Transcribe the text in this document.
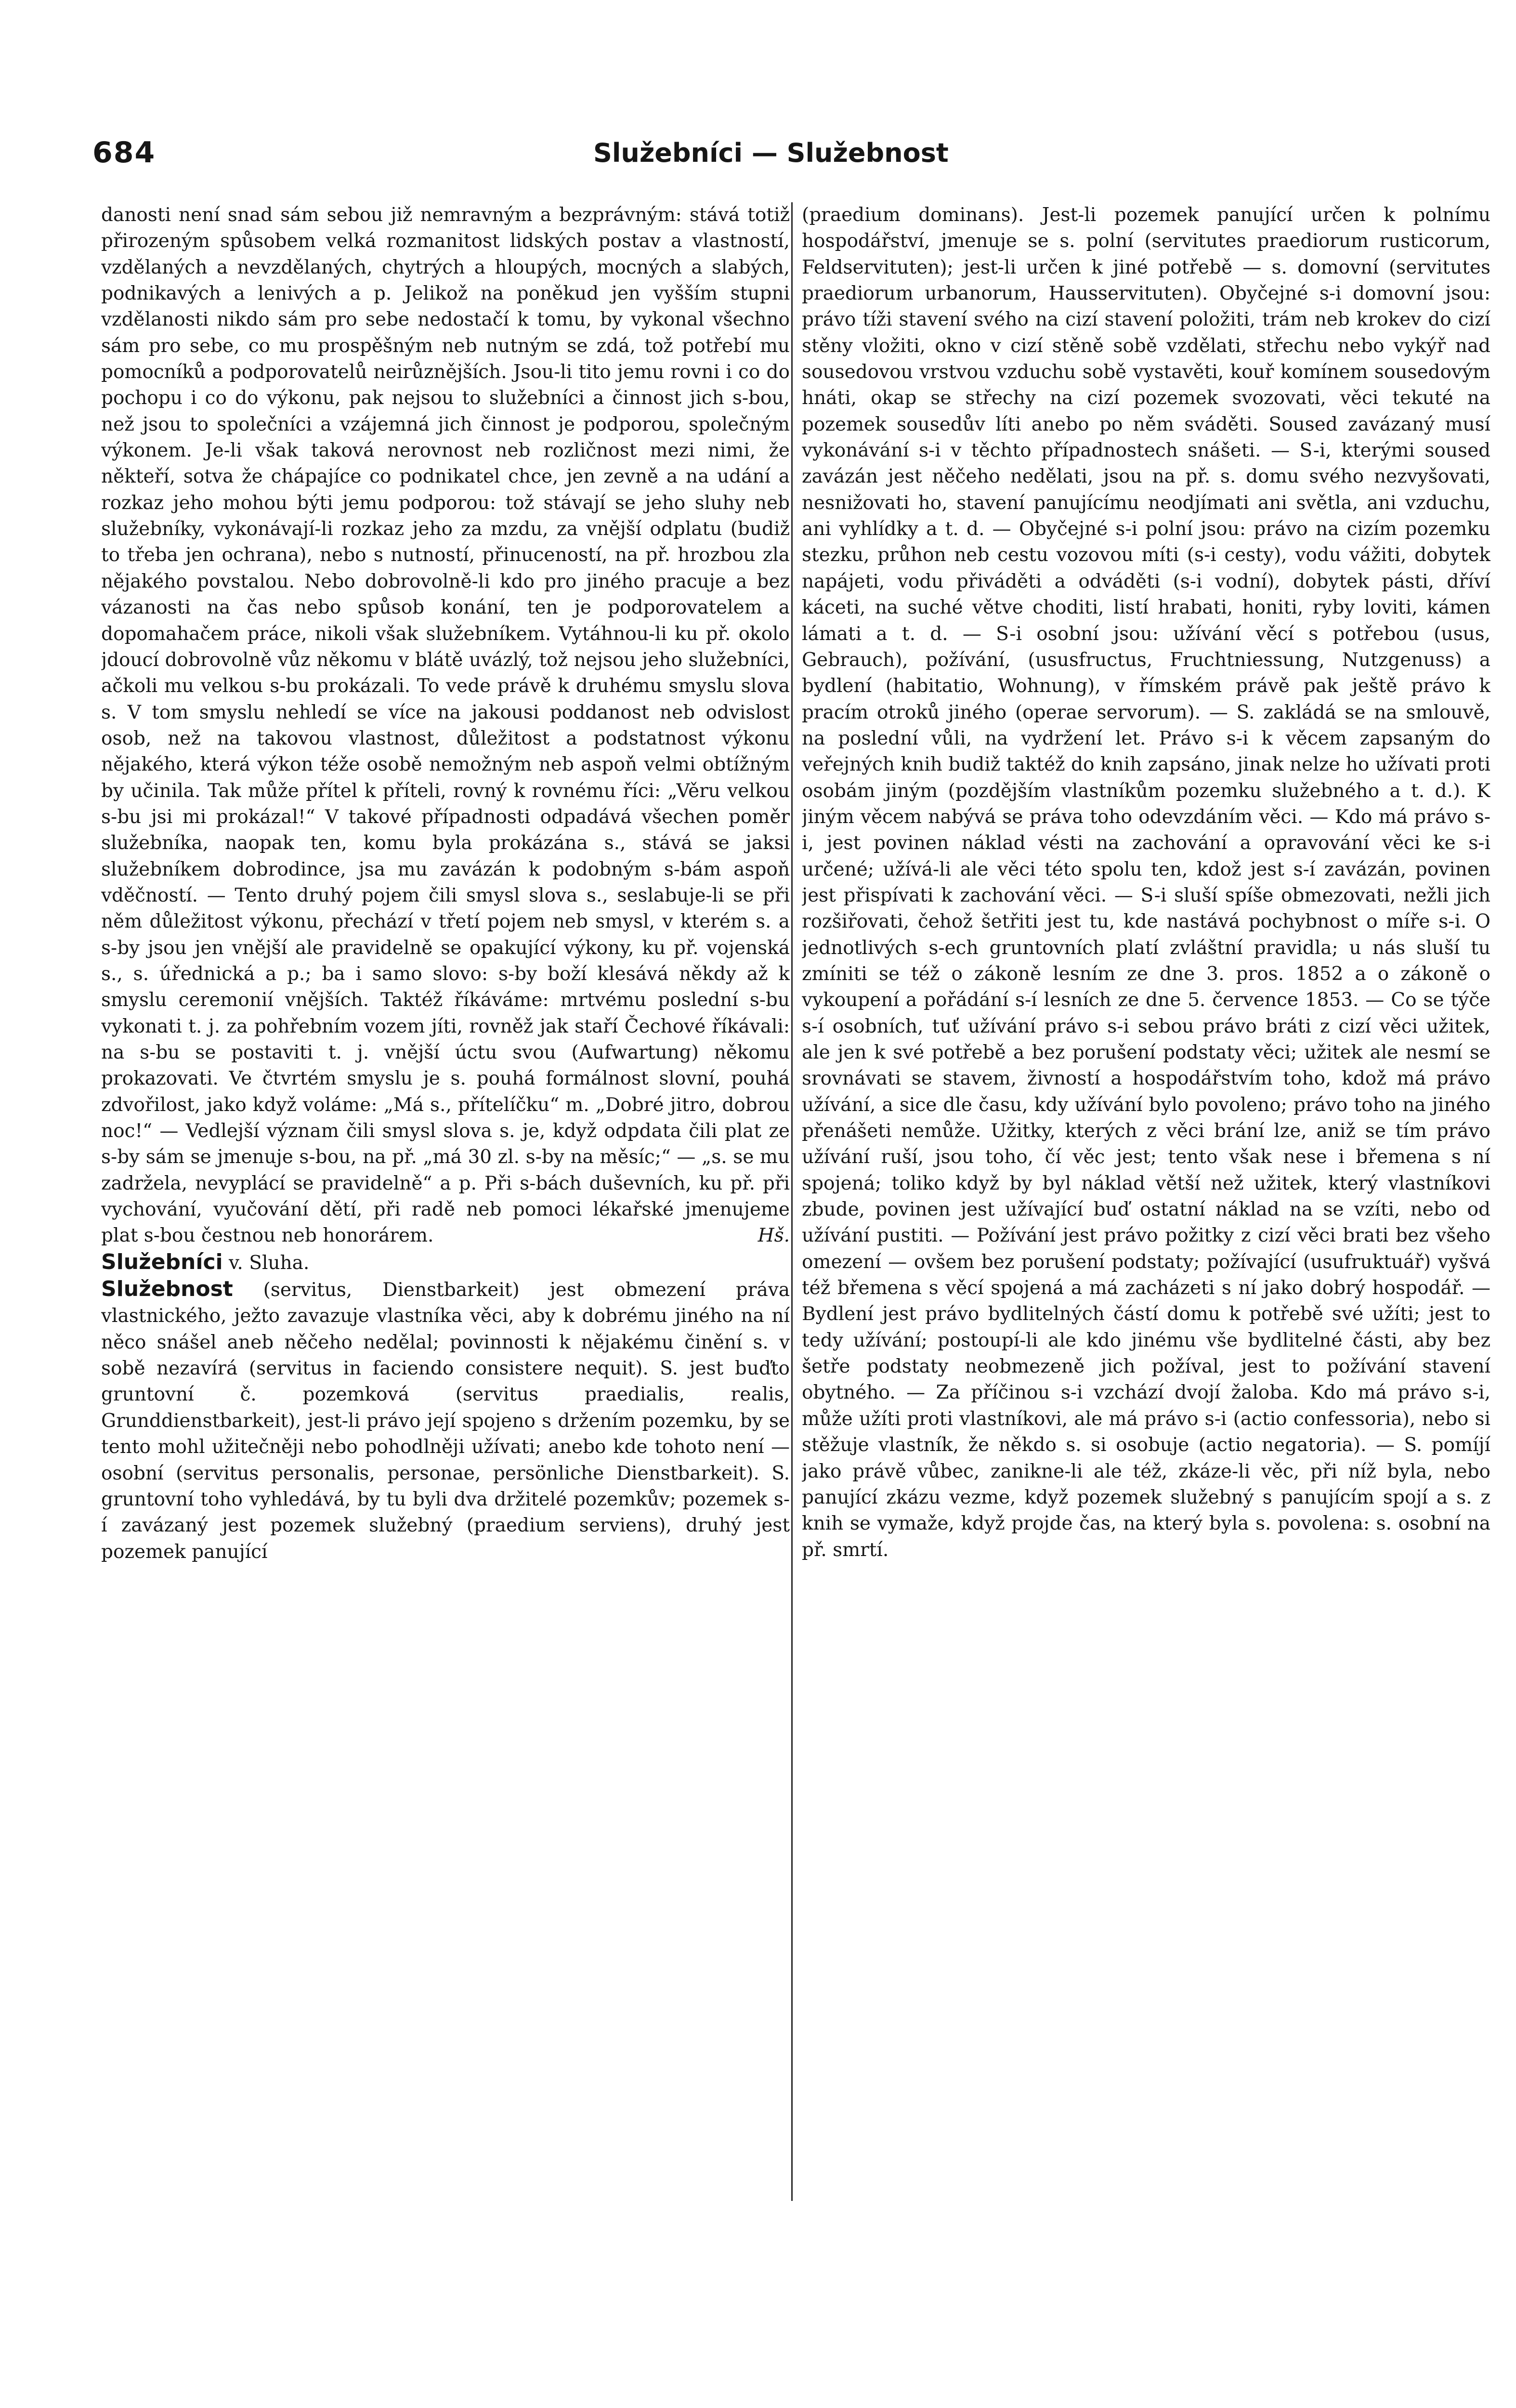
684	Služebníci — Služebnost

danosti není snad sám sebou již nemravným a bezprávným: stává totiž přirozeným spůsobem velká rozmanitost lidských postav a vlastností, vzdělaných a nevzdělaných, chytrých a hloupých, mocných a slabých, podnikavých a lenivých a p. Jelikož na poněkud jen vyšším stupni vzdělanosti nikdo sám pro sebe nedostačí k tomu, by vykonal všechno sám pro sebe, co mu prospěšným neb nutným se zdá, tož potřebí mu pomocníků a podporovatelů neirůznějších. Jsou-li tito jemu rovni i co do pochopu i co do výkonu, pak nejsou to služebníci a činnost jich s-bou, než jsou to společníci a vzájemná jich činnost je podporou, společným výkonem. Je-li však taková nerovnost neb rozličnost mezi nimi, že někteří, sotva že chápajíce co podnikatel chce, jen zevně a na udání a rozkaz jeho mohou býti jemu podporou: tož stávají se jeho sluhy neb služebníky, vykonávají-li rozkaz jeho za mzdu, za vnější odplatu (budiž to třeba jen ochrana), nebo s nutností, přinuceností, na př. hrozbou zla nějakého povstalou. Nebo dobrovolně-li kdo pro jiného pracuje a bez vázanosti na čas nebo spůsob konání, ten je podporovatelem a dopomahačem práce, nikoli však služebníkem. Vytáhnou-li ku př. okolo jdoucí dobrovolně vůz někomu v blátě uvázlý, tož nejsou jeho služebníci, ačkoli mu velkou s-bu prokázali. To vede právě k druhému smyslu slova s. V tom smyslu nehledí se více na jakousi poddanost neb odvislost osob, než na takovou vlastnost, důležitost a podstatnost výkonu nějakého, která výkon téže osobě nemožným neb aspoň velmi obtížným by učinila. Tak může přítel k příteli, rovný k rovnému říci: „Věru velkou s-bu jsi mi prokázal!“ V takové případnosti odpadává všechen poměr služebníka, naopak ten, komu byla prokázána s., stává se jaksi služebníkem dobrodince, jsa mu zavázán k podobným s-bám aspoň vděčností. — Tento druhý pojem čili smysl slova s., seslabuje-li se při něm důležitost výkonu, přechází v třetí pojem neb smysl, v kterém s. a s-by jsou jen vnější ale pravidelně se opakující výkony, ku př. vojenská s., s. úřednická a p.; ba i samo slovo: s-by boží klesává někdy až k smyslu ceremonií vnějších. Taktéž říkáváme: mrtvému poslední s-bu vykonati t. j. za pohřebním vozem jíti, rovněž jak staří Čechové říkávali: na s-bu se postaviti t. j. vnější úctu svou (Aufwartung) někomu prokazovati. Ve čtvrtém smyslu je s. pouhá formálnost slovní, pouhá zdvořilost, jako když voláme: „Má s., přítelíčku“ m. „Dobré jitro, dobrou noc!“ — Vedlejší význam čili smysl slova s. je, když odpdata čili plat ze s-by sám se jmenuje s-bou, na př. „má 30 zl. s-by na měsíc;“ — „s. se mu zadržela, nevyplácí se pravidelně“ a p. Při s-bách duševních, ku př. při vychování, vyučování dětí, při radě neb pomoci lékařské jmenujeme plat s-bou čestnou neb honorárem.	Hš.

Služebníci v. Sluha.

Služebnost (servitus, Dienstbarkeit) jest obmezení práva vlastnického, ježto zavazuje vlastníka věci, aby k dobrému jiného na ní něco snášel aneb něčeho nedělal; povinnosti k nějakému činění s. v sobě nezavírá (servitus in faciendo consistere nequit). S. jest buďto gruntovní č. pozemková (servitus praedialis, realis, Grunddienstbarkeit), jest-li právo její spojeno s držením pozemku, by se tento mohl užitečněji nebo pohodlněji užívati; anebo kde tohoto není — osobní (servitus personalis, personae, persönliche Dienstbarkeit). S. gruntovní toho vyhledává, by tu byli dva držitelé pozemkův; pozemek s-í zavázaný jest pozemek služebný (praedium serviens), druhý jest pozemek panující

(praedium dominans). Jest-li pozemek panující určen k polnímu hospodářství, jmenuje se s. polní (servitutes praediorum rusticorum, Feldservituten); jest-li určen k jiné potřebě — s. domovní (servitutes praediorum urbanorum, Hausservituten). Obyčejné s-i domovní jsou: právo tíži stavení svého na cizí stavení položiti, trám neb krokev do cizí stěny vložiti, okno v cizí stěně sobě vzdělati, střechu nebo vykýř nad sousedovou vrstvou vzduchu sobě vystavěti, kouř komínem sousedovým hnáti, okap se střechy na cizí pozemek svozovati, věci tekuté na pozemek sousedův líti anebo po něm sváděti. Soused zavázaný musí vykonávání s-i v těchto případnostech snášeti. — S-i, kterými soused zavázán jest něčeho nedělati, jsou na př. s. domu svého nezvyšovati, nesnižovati ho, stavení panujícímu neodjímati ani světla, ani vzduchu, ani vyhlídky a t. d. — Obyčejné s-i polní jsou: právo na cizím pozemku stezku, průhon neb cestu vozovou míti (s-i cesty), vodu vážiti, dobytek napájeti, vodu přiváděti a odváděti (s-i vodní), dobytek pásti, dříví káceti, na suché větve choditi, listí hrabati, honiti, ryby loviti, kámen lámati a t. d. — S-i osobní jsou: užívání věcí s potřebou (usus, Gebrauch), požívání, (ususfructus, Fruchtniessung, Nutzgenuss) a bydlení (habitatio, Wohnung), v římském právě pak ještě právo k pracím otroků jiného (operae servorum). — S. zakládá se na smlouvě, na poslední vůli, na vydržení let. Právo s-i k věcem zapsaným do veřejných knih budiž taktéž do knih zapsáno, jinak nelze ho užívati proti osobám jiným (pozdějším vlastníkům pozemku služebného a t. d.). K jiným věcem nabývá se práva toho odevzdáním věci. — Kdo má právo s-i, jest povinen náklad vésti na zachování a opravování věci ke s-i určené; užívá-li ale věci této spolu ten, kdož jest s-í zavázán, povinen jest přispívati k zachování věci. — S-i sluší spíše obmezovati, nežli jich rozšiřovati, čehož šetřiti jest tu, kde nastává pochybnost o míře s-i. O jednotlivých s-ech gruntovních platí zvláštní pravidla; u nás sluší tu zmíniti se též o zákoně lesním ze dne 3. pros. 1852 a o zákoně o vykoupení a pořádání s-í lesních ze dne 5. července 1853. — Co se týče s-í osobních, tuť užívání právo s-i sebou právo bráti z cizí věci užitek, ale jen k své potřebě a bez porušení podstaty věci; užitek ale nesmí se srovnávati se stavem, živností a hospodářstvím toho, kdož má právo užívání, a sice dle času, kdy užívání bylo povoleno; právo toho na jiného přenášeti nemůže. Užitky, kterých z věci brání lze, aniž se tím právo užívání ruší, jsou toho, čí věc jest; tento však nese i břemena s ní spojená; toliko když by byl náklad větší než užitek, který vlastníkovi zbude, povinen jest užívající buď ostatní náklad na se vzíti, nebo od užívání pustiti. — Požívání jest právo požitky z cizí věci brati bez všeho omezení — ovšem bez porušení podstaty; požívající (usufruktuář) vyšvá též břemena s věcí spojená a má zacházeti s ní jako dobrý hospodář. — Bydlení jest právo bydlitelných částí domu k potřebě své užíti; jest to tedy užívání; postoupí-li ale kdo jinému vše bydlitelné části, aby bez šetře podstaty neobmezeně jich požíval, jest to požívání stavení obytného. — Za příčinou s-i vzchází dvojí žaloba. Kdo má právo s-i, může užíti proti vlastníkovi, ale má právo s-i (actio confessoria), nebo si stěžuje vlastník, že někdo s. si osobuje (actio negatoria). — S. pomíjí jako právě vůbec, zanikne-li ale též, zkáze-li věc, při níž byla, nebo panující zkázu vezme, když pozemek služebný s panujícím spojí a s. z knih se vymaže, když projde čas, na který byla s. povolena: s. osobní na př. smrtí.
